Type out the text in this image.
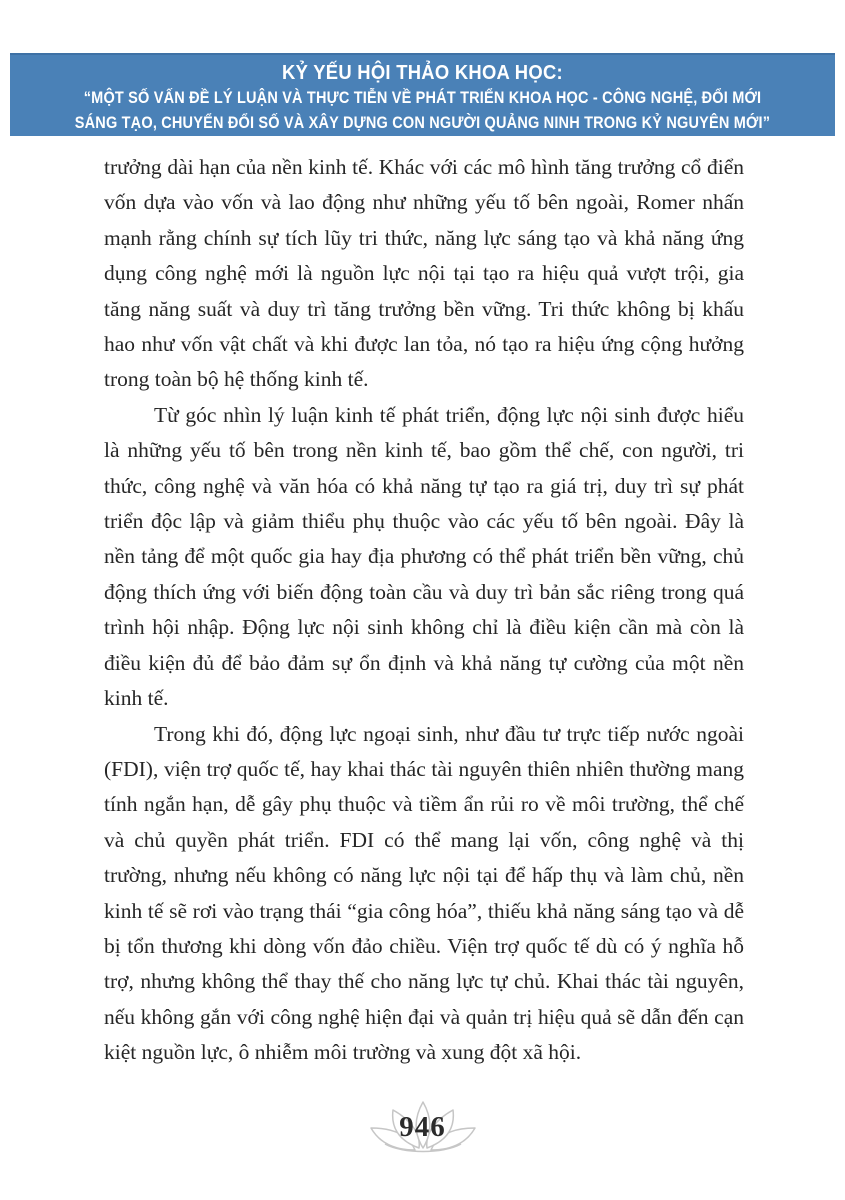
KỶ YẾU HỘI THẢO KHOA HỌC:
“MỘT SỐ VẤN ĐỀ LÝ LUẬN VÀ THỰC TIỄN VỀ PHÁT TRIỂN KHOA HỌC - CÔNG NGHỆ, ĐỔI MỚI
SÁNG TẠO, CHUYỂN ĐỔI SỐ VÀ XÂY DỰNG CON NGƯỜI QUẢNG NINH TRONG KỶ NGUYÊN MỚI”

trưởng dài hạn của nền kinh tế. Khác với các mô hình tăng trưởng cổ điển vốn dựa vào vốn và lao động như những yếu tố bên ngoài, Romer nhấn mạnh rằng chính sự tích lũy tri thức, năng lực sáng tạo và khả năng ứng dụng công nghệ mới là nguồn lực nội tại tạo ra hiệu quả vượt trội, gia tăng năng suất và duy trì tăng trưởng bền vững. Tri thức không bị khấu hao như vốn vật chất và khi được lan tỏa, nó tạo ra hiệu ứng cộng hưởng trong toàn bộ hệ thống kinh tế.

Từ góc nhìn lý luận kinh tế phát triển, động lực nội sinh được hiểu là những yếu tố bên trong nền kinh tế, bao gồm thể chế, con người, tri thức, công nghệ và văn hóa có khả năng tự tạo ra giá trị, duy trì sự phát triển độc lập và giảm thiểu phụ thuộc vào các yếu tố bên ngoài. Đây là nền tảng để một quốc gia hay địa phương có thể phát triển bền vững, chủ động thích ứng với biến động toàn cầu và duy trì bản sắc riêng trong quá trình hội nhập. Động lực nội sinh không chỉ là điều kiện cần mà còn là điều kiện đủ để bảo đảm sự ổn định và khả năng tự cường của một nền kinh tế.

Trong khi đó, động lực ngoại sinh, như đầu tư trực tiếp nước ngoài (FDI), viện trợ quốc tế, hay khai thác tài nguyên thiên nhiên thường mang tính ngắn hạn, dễ gây phụ thuộc và tiềm ẩn rủi ro về môi trường, thể chế và chủ quyền phát triển. FDI có thể mang lại vốn, công nghệ và thị trường, nhưng nếu không có năng lực nội tại để hấp thụ và làm chủ, nền kinh tế sẽ rơi vào trạng thái “gia công hóa”, thiếu khả năng sáng tạo và dễ bị tổn thương khi dòng vốn đảo chiều. Viện trợ quốc tế dù có ý nghĩa hỗ trợ, nhưng không thể thay thế cho năng lực tự chủ. Khai thác tài nguyên, nếu không gắn với công nghệ hiện đại và quản trị hiệu quả sẽ dẫn đến cạn kiệt nguồn lực, ô nhiễm môi trường và xung đột xã hội.

946
